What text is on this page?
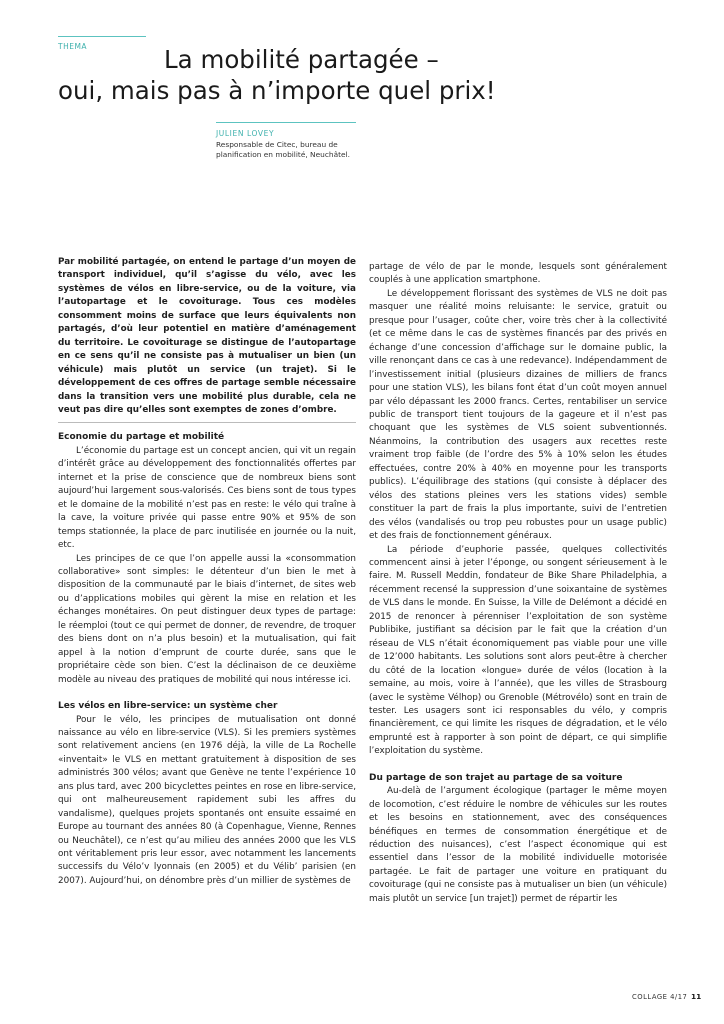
THEMA	La mobilité partagée –
oui, mais pas à n’importe quel prix!
JULIEN LOVEY
Responsable de Citec, bureau de planification en mobilité, Neuchâtel.

Par mobilité partagée, on entend le partage d’un moyen de transport individuel, qu’il s’agisse du vélo, avec les systèmes de vélos en libre-service, ou de la voiture, via l’autopartage et le covoiturage. Tous ces modèles consomment moins de surface que leurs équivalents non partagés, d’où leur potentiel en matière d’aménagement du territoire. Le covoiturage se distingue de l’autopartage en ce sens qu’il ne consiste pas à mutualiser un bien (un véhicule) mais plutôt un service (un trajet). Si le développement de ces offres de partage semble nécessaire dans la transition vers une mobilité plus durable, cela ne veut pas dire qu’elles sont exemptes de zones d’ombre.

Economie du partage et mobilité

L’économie du partage est un concept ancien, qui vit un regain d’intérêt grâce au développement des fonctionnalités offertes par internet et la prise de conscience que de nombreux biens sont aujourd’hui largement sous-valorisés. Ces biens sont de tous types et le domaine de la mobilité n’est pas en reste: le vélo qui traîne à la cave, la voiture privée qui passe entre 90% et 95% de son temps stationnée, la place de parc inutilisée en journée ou la nuit, etc.

Les principes de ce que l’on appelle aussi la «consommation collaborative» sont simples: le détenteur d’un bien le met à disposition de la communauté par le biais d’internet, de sites web ou d’applications mobiles qui gèrent la mise en relation et les échanges monétaires. On peut distinguer deux types de partage: le réemploi (tout ce qui permet de donner, de revendre, de troquer des biens dont on n’a plus besoin) et la mutualisation, qui fait appel à la notion d’emprunt de courte durée, sans que le propriétaire cède son bien. C’est la déclinaison de ce deuxième modèle au niveau des pratiques de mobilité qui nous intéresse ici.

Les vélos en libre-service: un système cher

Pour le vélo, les principes de mutualisation ont donné naissance au vélo en libre-service (VLS). Si les premiers systèmes sont relativement anciens (en 1976 déjà, la ville de La Rochelle «inventait» le VLS en mettant gratuitement à disposition de ses administrés 300 vélos; avant que Genève ne tente l’expérience 10 ans plus tard, avec 200 bicyclettes peintes en rose en libre-service, qui ont malheureusement rapidement subi les affres du vandalisme), quelques projets spontanés ont ensuite essaimé en Europe au tournant des années 80 (à Copenhague, Vienne, Rennes ou Neuchâtel), ce n’est qu’au milieu des années 2000 que les VLS ont véritablement pris leur essor, avec notamment les lancements successifs du Vélo’v lyonnais (en 2005) et du Vélib’ parisien (en 2007). Aujourd’hui, on dénombre près d’un millier de systèmes de

partage de vélo de par le monde, lesquels sont généralement couplés à une application smartphone.

Le développement florissant des systèmes de VLS ne doit pas masquer une réalité moins reluisante: le service, gratuit ou presque pour l’usager, coûte cher, voire très cher à la collectivité (et ce même dans le cas de systèmes financés par des privés en échange d’une concession d’affichage sur le domaine public, la ville renonçant dans ce cas à une redevance). Indépendamment de l’investissement initial (plusieurs dizaines de milliers de francs pour une station VLS), les bilans font état d’un coût moyen annuel par vélo dépassant les 2000 francs. Certes, rentabiliser un service public de transport tient toujours de la gageure et il n’est pas choquant que les systèmes de VLS soient subventionnés. Néanmoins, la contribution des usagers aux recettes reste vraiment trop faible (de l’ordre des 5% à 10% selon les études effectuées, contre 20% à 40% en moyenne pour les transports publics). L’équilibrage des stations (qui consiste à déplacer des vélos des stations pleines vers les stations vides) semble constituer la part de frais la plus importante, suivi de l’entretien des vélos (vandalisés ou trop peu robustes pour un usage public) et des frais de fonctionnement généraux.

La période d’euphorie passée, quelques collectivités commencent ainsi à jeter l’éponge, ou songent sérieusement à le faire. M. Russell Meddin, fondateur de Bike Share Philadelphia, a récemment recensé la suppression d’une soixantaine de systèmes de VLS dans le monde. En Suisse, la Ville de Delémont a décidé en 2015 de renoncer à pérenniser l’exploitation de son système Publibike, justifiant sa décision par le fait que la création d’un réseau de VLS n’était économiquement pas viable pour une ville de 12’000 habitants. Les solutions sont alors peut-être à chercher du côté de la location «longue» durée de vélos (location à la semaine, au mois, voire à l’année), que les villes de Strasbourg (avec le système Vélhop) ou Grenoble (Métrovélo) sont en train de tester. Les usagers sont ici responsables du vélo, y compris financièrement, ce qui limite les risques de dégradation, et le vélo emprunté est à rapporter à son point de départ, ce qui simplifie l’exploitation du système.

Du partage de son trajet au partage de sa voiture

Au-delà de l’argument écologique (partager le même moyen de locomotion, c’est réduire le nombre de véhicules sur les routes et les besoins en stationnement, avec des conséquences bénéfiques en termes de consommation énergétique et de réduction des nuisances), c’est l’aspect économique qui est essentiel dans l’essor de la mobilité individuelle motorisée partagée. Le fait de partager une voiture en pratiquant du covoiturage (qui ne consiste pas à mutualiser un bien (un véhicule) mais plutôt un service [un trajet]) permet de répartir les

COLLAGE 4/17 11
